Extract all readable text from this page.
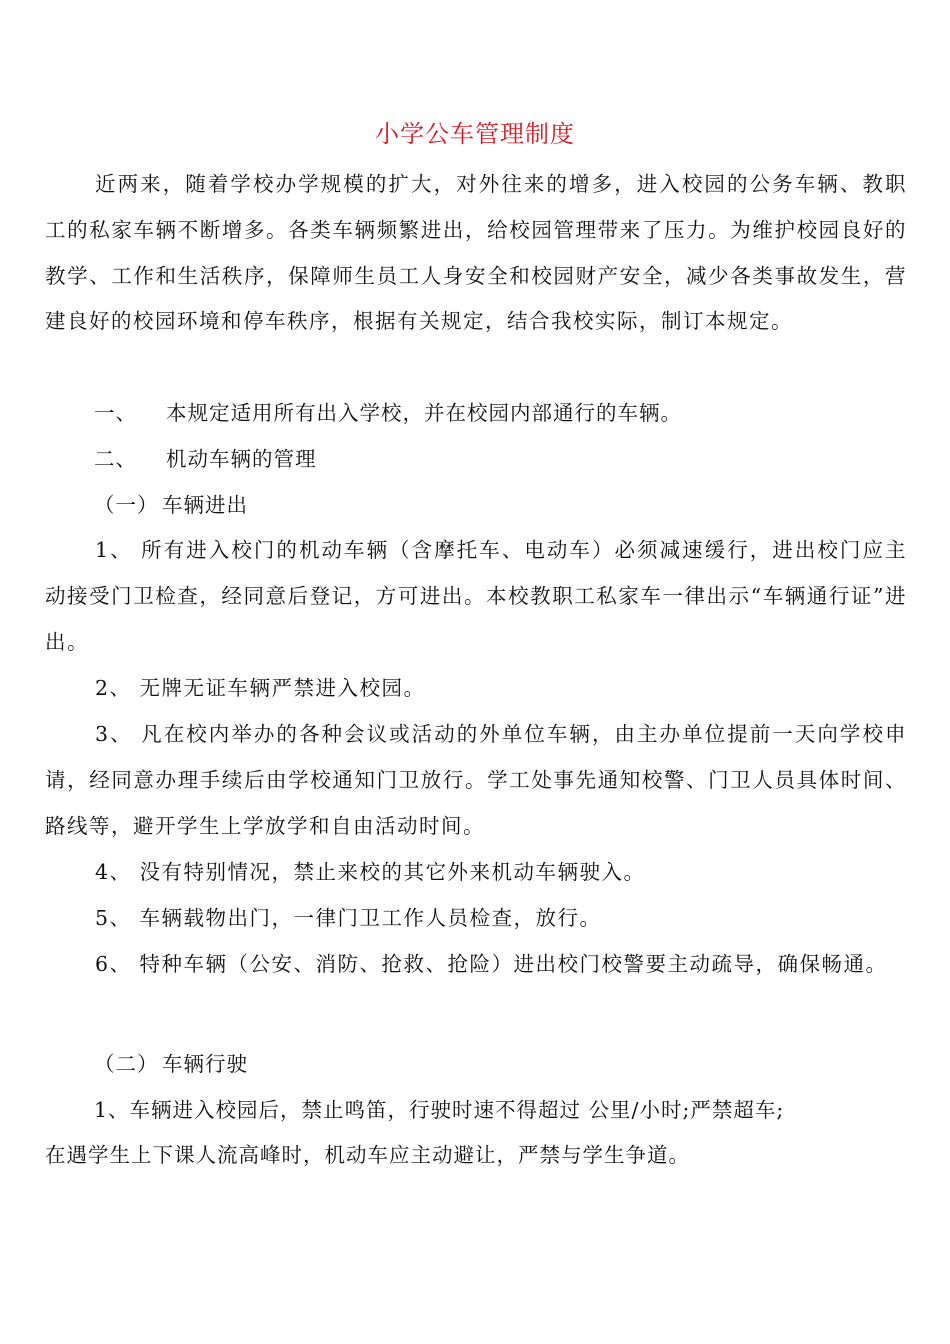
小学公车管理制度
近两来，随着学校办学规模的扩大，对外往来的增多，进入校园的公务车辆、教职工的私家车辆不断增多。各类车辆频繁进出，给校园管理带来了压力。为维护校园良好的教学、工作和生活秩序，保障师生员工人身安全和校园财产安全，减少各类事故发生，营建良好的校园环境和停车秩序，根据有关规定，结合我校实际，制订本规定。
一、 本规定适用所有出入学校，并在校园内部通行的车辆。
二、 机动车辆的管理
（一） 车辆进出
1、 所有进入校门的机动车辆（含摩托车、电动车）必须减速缓行，进出校门应主动接受门卫检查，经同意后登记，方可进出。本校教职工私家车一律出示“车辆通行证”进出。
2、 无牌无证车辆严禁进入校园。
3、 凡在校内举办的各种会议或活动的外单位车辆，由主办单位提前一天向学校申请，经同意办理手续后由学校通知门卫放行。学工处事先通知校警、门卫人员具体时间、路线等，避开学生上学放学和自由活动时间。
4、 没有特别情况，禁止来校的其它外来机动车辆驶入。
5、 车辆载物出门，一律门卫工作人员检查，放行。
6、 特种车辆（公安、消防、抢救、抢险）进出校门校警要主动疏导，确保畅通。
（二） 车辆行驶
1、车辆进入校园后，禁止鸣笛，行驶时速不得超过 公里/小时;严禁超车;
在遇学生上下课人流高峰时，机动车应主动避让，严禁与学生争道。
